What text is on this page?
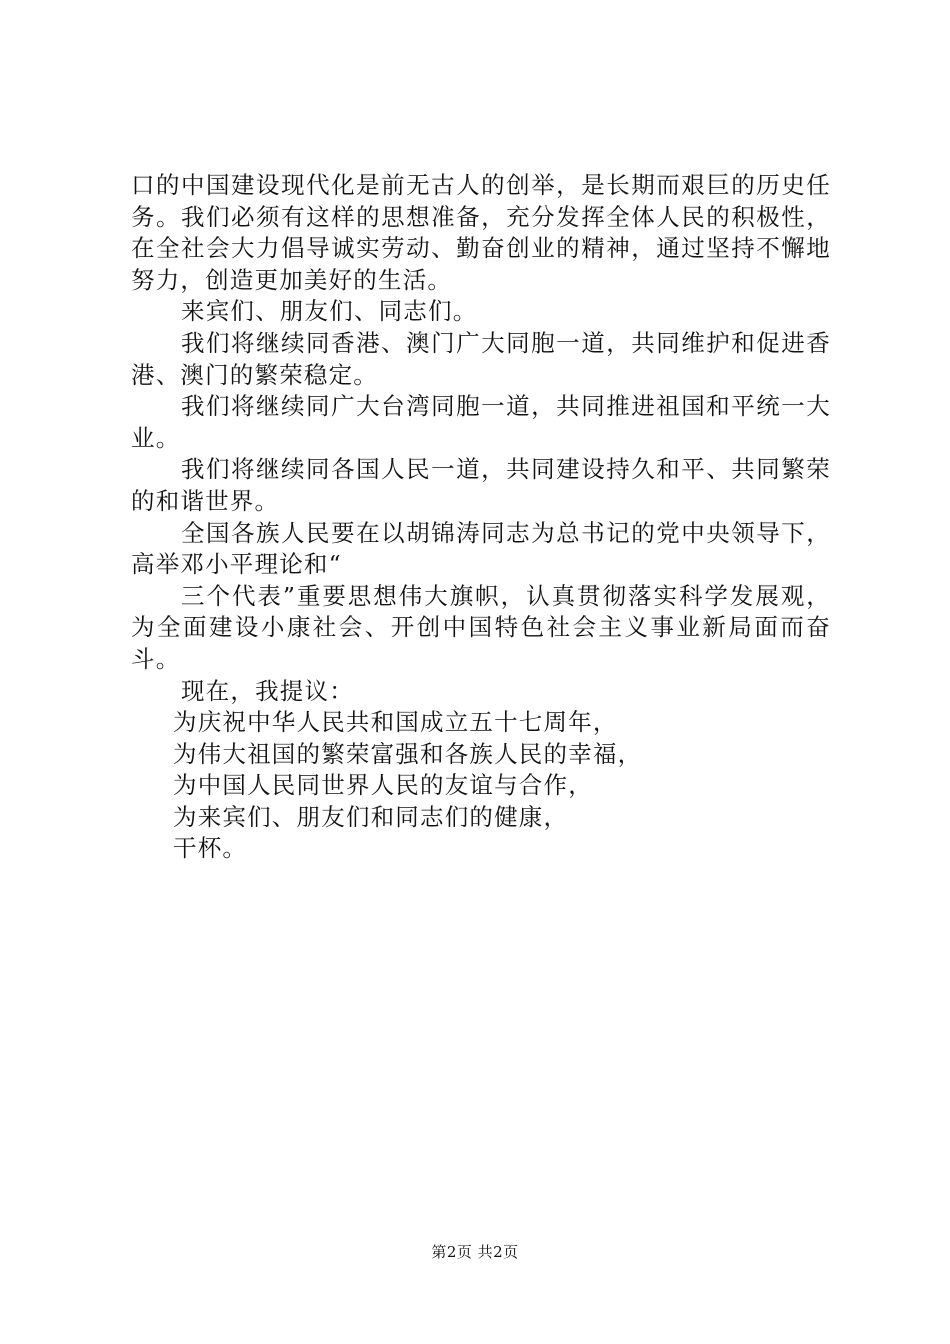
口的中国建设现代化是前无古人的创举，是长期而艰巨的历史任务。我们必须有这样的思想准备，充分发挥全体人民的积极性，在全社会大力倡导诚实劳动、勤奋创业的精神，通过坚持不懈地努力，创造更加美好的生活。

来宾们、朋友们、同志们。

我们将继续同香港、澳门广大同胞一道，共同维护和促进香港、澳门的繁荣稳定。

我们将继续同广大台湾同胞一道，共同推进祖国和平统一大业。

我们将继续同各国人民一道，共同建设持久和平、共同繁荣的和谐世界。

全国各族人民要在以胡锦涛同志为总书记的党中央领导下，高举邓小平理论和“

三个代表”重要思想伟大旗帜，认真贯彻落实科学发展观，为全面建设小康社会、开创中国特色社会主义事业新局面而奋斗。

现在，我提议：

为庆祝中华人民共和国成立五十七周年，

为伟大祖国的繁荣富强和各族人民的幸福，

为中国人民同世界人民的友谊与合作，

为来宾们、朋友们和同志们的健康，

干杯。

第2页 共2页
